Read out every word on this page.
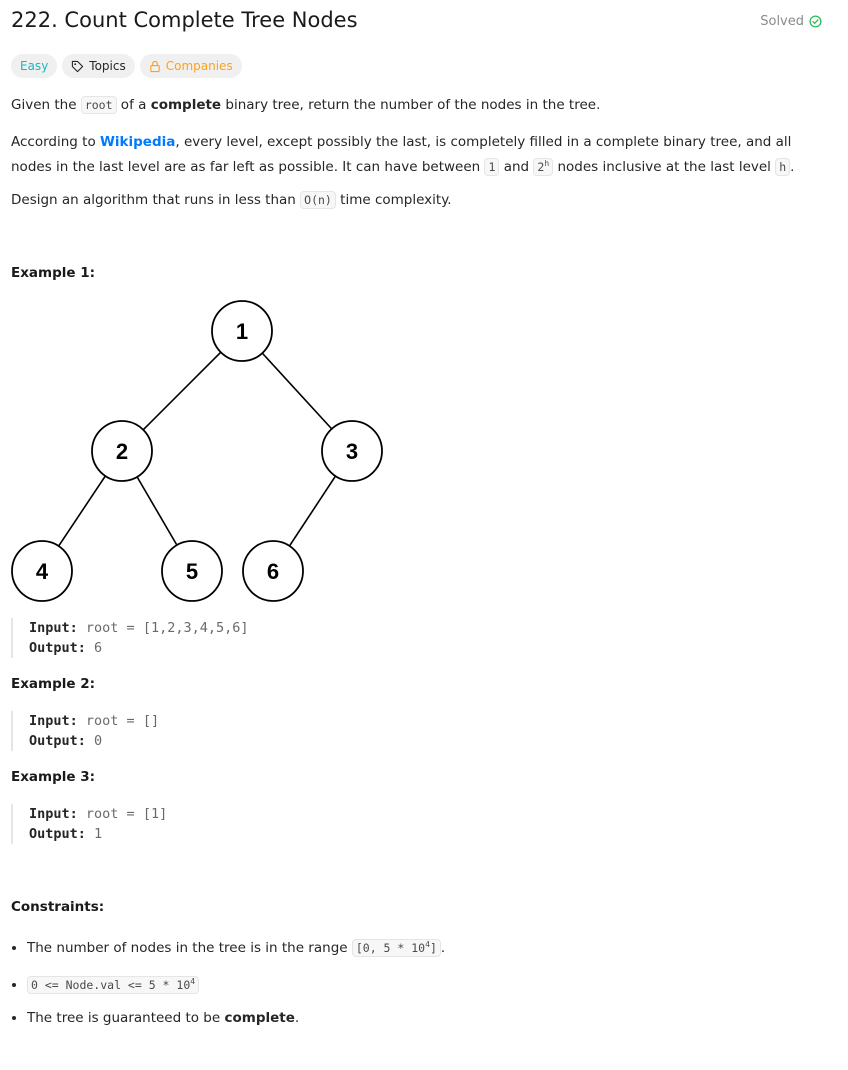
222. Count Complete Tree Nodes	Solved
Easy	Topics	Companies

Given the root of a complete binary tree, return the number of the nodes in the tree.

According to Wikipedia, every level, except possibly the last, is completely filled in a complete binary tree, and all nodes in the last level are as far left as possible. It can have between 1 and 2$^h$ nodes inclusive at the last level h .

Design an algorithm that runs in less than O(n) time complexity.

Example 1:
1
2	3
4	5	6
Input: root = [1,2,3,4,5,6]
Output: 6
Example 2:
Input: root = []
Output: 0
Example 3:
Input: root = [1]
Output: 1
Constraints:
• The number of nodes in the tree is in the range [0, $5 * 10^4$] .
• 0 <= Node.val <= $5 * 10^4$
• The tree is guaranteed to be complete.
